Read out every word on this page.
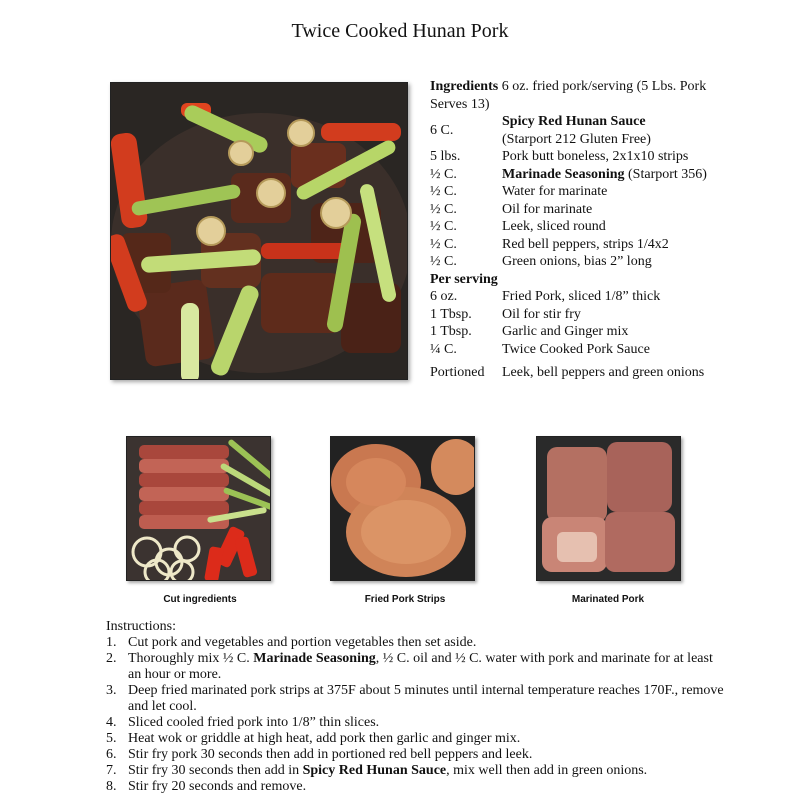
Twice Cooked Hunan Pork
Ingredients 6 oz. fried pork/serving (5 Lbs. Pork Serves 13)
6 C.	Spicy Red Hunan Sauce
(Starport 212 Gluten Free)
5 lbs.	Pork butt boneless, 2x1x10 strips
½ C.	Marinade Seasoning (Starport 356)
½ C.	Water for marinate
½ C.	Oil for marinate
½ C.	Leek, sliced round
½ C.	Red bell peppers, strips 1/4x2
½ C.	Green onions, bias 2” long
Per serving
6 oz.	Fried Pork, sliced 1/8” thick
1 Tbsp.	Oil for stir fry
1 Tbsp.	Garlic and Ginger mix
¼ C.	Twice Cooked Pork Sauce
Portioned	Leek, bell peppers and green onions
Cut ingredients	Fried Pork Strips	Marinated Pork
Instructions:
1. Cut pork and vegetables and portion vegetables then set aside.
2. Thoroughly mix ½ C. Marinade Seasoning, ½ C. oil and ½ C. water with pork and marinate for at least an hour or more.
3. Deep fried marinated pork strips at 375F about 5 minutes until internal temperature reaches 170F., remove and let cool.
4. Sliced cooled fried pork into 1/8” thin slices.
5. Heat wok or griddle at high heat, add pork then garlic and ginger mix.
6. Stir fry pork 30 seconds then add in portioned red bell peppers and leek.
7. Stir fry 30 seconds then add in Spicy Red Hunan Sauce, mix well then add in green onions.
8. Stir fry 20 seconds and remove.
